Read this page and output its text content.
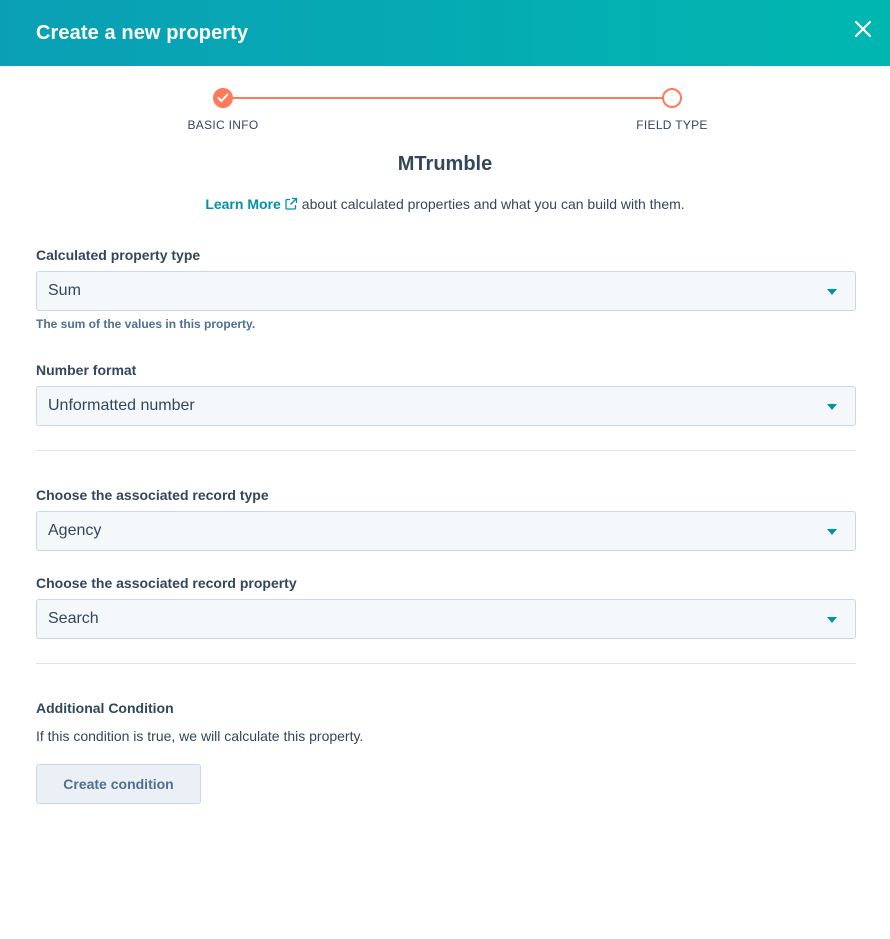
Create a new property
BASIC INFO	FIELD TYPE
MTrumble
Learn More about calculated properties and what you can build with them.
Calculated property type
Sum
The sum of the values in this property.
Number format
Unformatted number
Choose the associated record type
Agency
Choose the associated record property
Search
Additional Condition
If this condition is true, we will calculate this property.
Create condition
